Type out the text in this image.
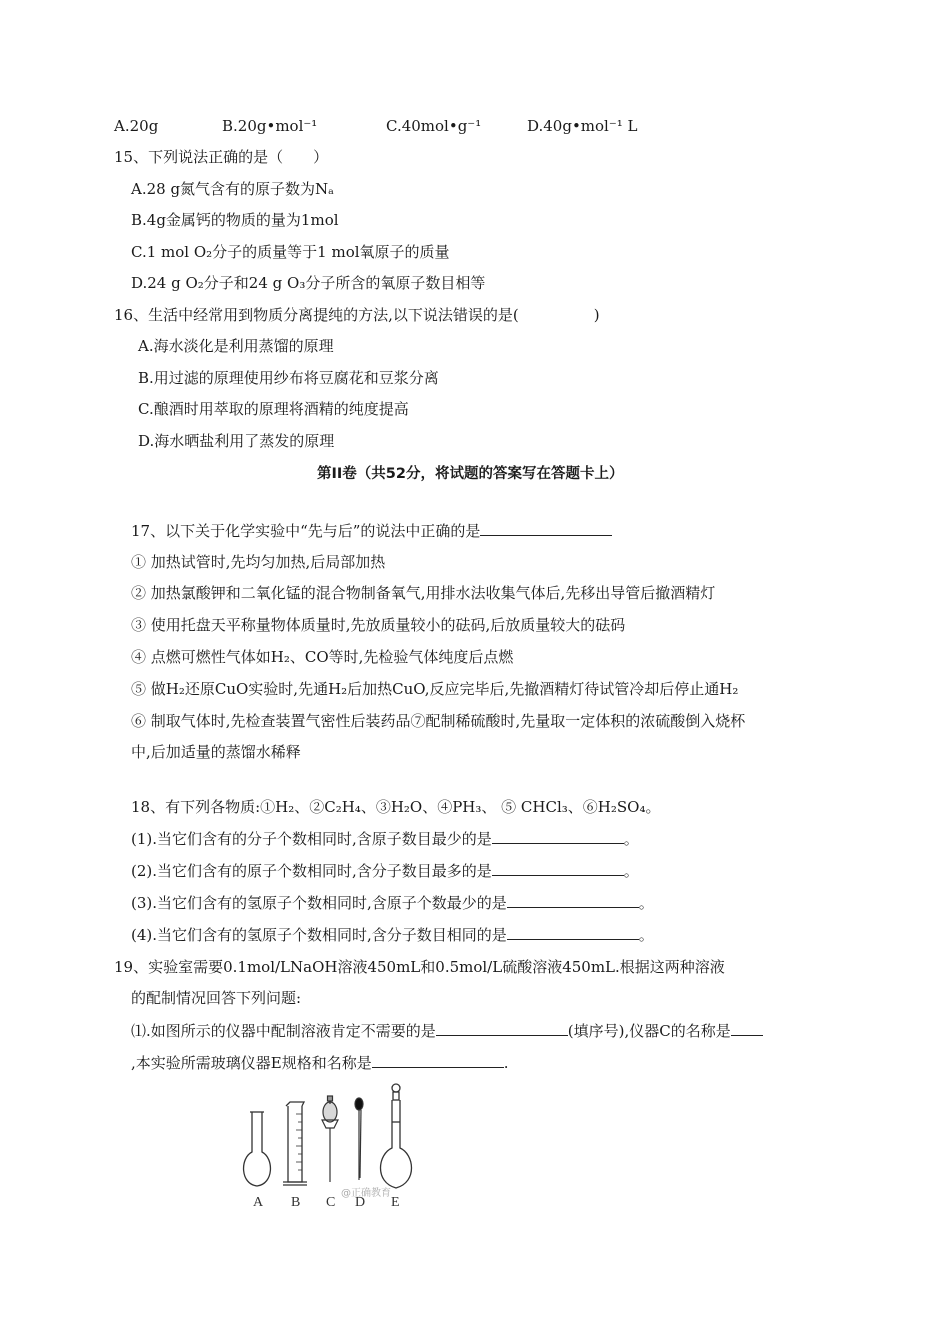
A.20g	B.20g•mol⁻¹	C.40mol•g⁻¹	D.40g•mol⁻¹ L
15、下列说法正确的是（　　）
A.28 g氮气含有的原子数为Nₐ
B.4g金属钙的物质的量为1mol
C.1 mol O₂分子的质量等于1 mol氧原子的质量
D.24 g O₂分子和24 g O₃分子所含的氧原子数目相等
16、生活中经常用到物质分离提纯的方法,以下说法错误的是(　　　　　)
A.海水淡化是利用蒸馏的原理
B.用过滤的原理使用纱布将豆腐花和豆浆分离
C.酿酒时用萃取的原理将酒精的纯度提高
D.海水晒盐利用了蒸发的原理
第II卷（共52分，将试题的答案写在答题卡上）
17、以下关于化学实验中“先与后”的说法中正确的是
① 加热试管时,先均匀加热,后局部加热
② 加热氯酸钾和二氧化锰的混合物制备氧气,用排水法收集气体后,先移出导管后撤酒精灯
③ 使用托盘天平称量物体质量时,先放质量较小的砝码,后放质量较大的砝码
④ 点燃可燃性气体如H₂、CO等时,先检验气体纯度后点燃
⑤ 做H₂还原CuO实验时,先通H₂后加热CuO,反应完毕后,先撤酒精灯待试管冷却后停止通H₂
⑥ 制取气体时,先检查装置气密性后装药品⑦配制稀硫酸时,先量取一定体积的浓硫酸倒入烧杯
中,后加适量的蒸馏水稀释
18、有下列各物质:①H₂、②C₂H₄、③H₂O、④PH₃、 ⑤ CHCl₃、⑥H₂SO₄。
(1).当它们含有的分子个数相同时,含原子数目最少的是	。
(2).当它们含有的原子个数相同时,含分子数目最多的是	。
(3).当它们含有的氢原子个数相同时,含原子个数最少的是	。
(4).当它们含有的氢原子个数相同时,含分子数目相同的是	。
19、实验室需要0.1mol/LNaOH溶液450mL和0.5mol/L硫酸溶液450mL.根据这两种溶液
的配制情况回答下列问题:
⑴.如图所示的仪器中配制溶液肯定不需要的是	(填序号),仪器C的名称是
,本实验所需玻璃仪器E规格和名称是	.
@正确教育
A B C D E
